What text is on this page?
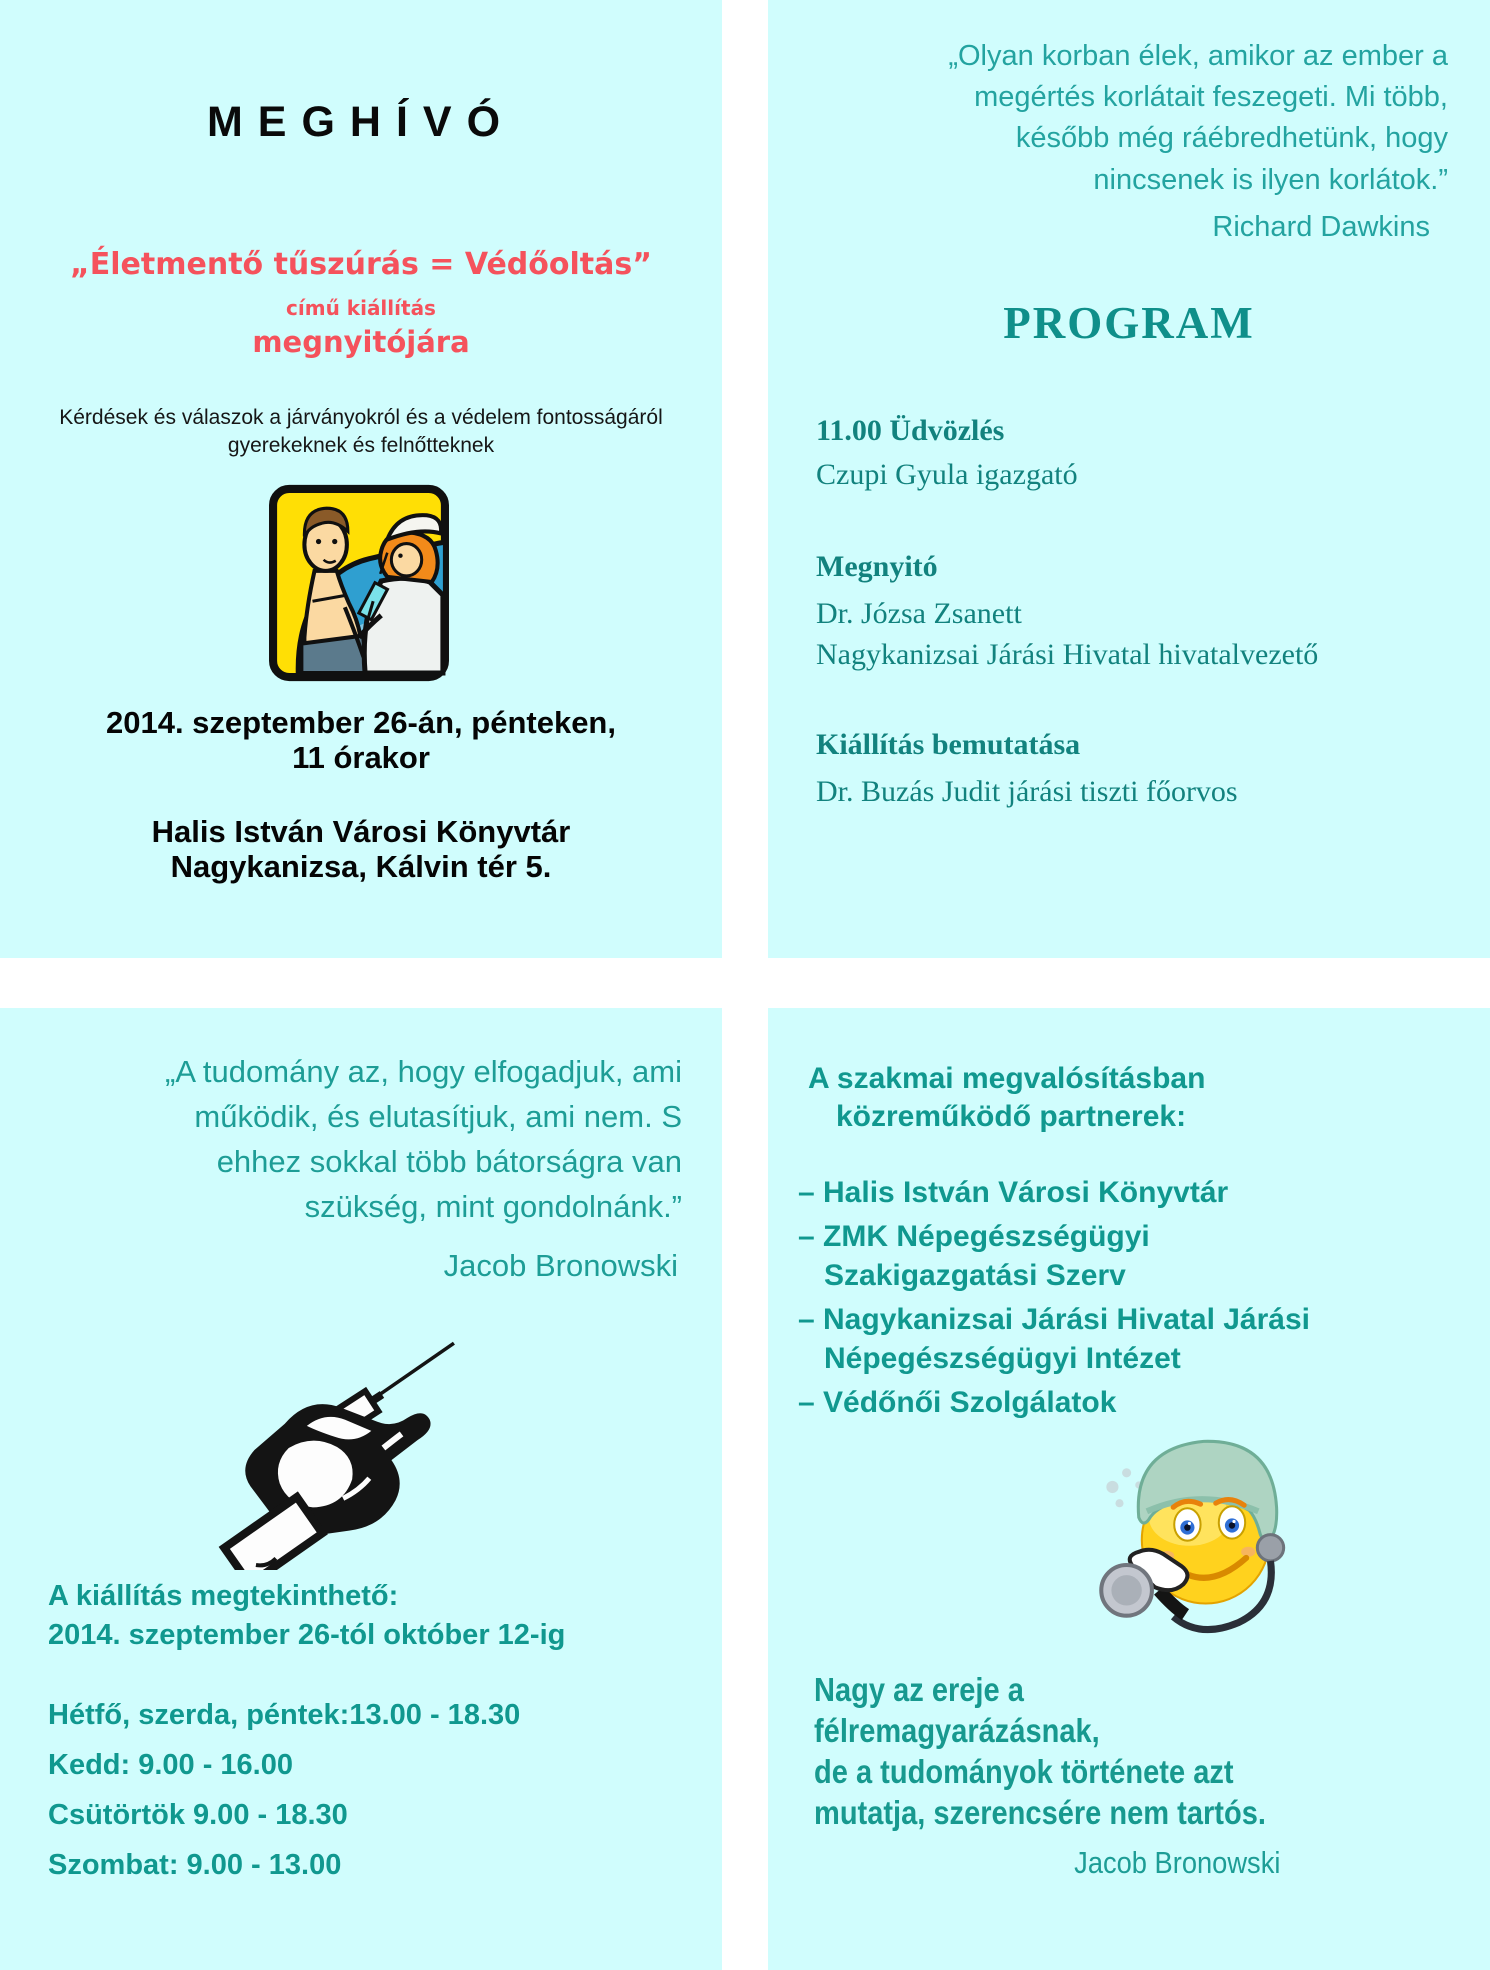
MEGHÍVÓ
„Életmentő tűszúrás = Védőoltás”
című kiállítás
megnyitójára
Kérdések és válaszok a járványokról és a védelem fontosságáról
gyerekeknek és felnőtteknek
2014. szeptember 26-án, pénteken,
11 órakor
Halis István Városi Könyvtár
Nagykanizsa, Kálvin tér 5.
„Olyan korban élek, amikor az ember a
megértés korlátait feszegeti. Mi több,
később még ráébredhetünk, hogy
nincsenek is ilyen korlátok.”
Richard Dawkins
PROGRAM
11.00 Üdvözlés
Czupi Gyula igazgató
Megnyitó
Dr. Józsa Zsanett
Nagykanizsai Járási Hivatal hivatalvezető
Kiállítás bemutatása
Dr. Buzás Judit járási tiszti főorvos
„A tudomány az, hogy elfogadjuk, ami
működik, és elutasítjuk, ami nem. S
ehhez sokkal több bátorságra van
szükség, mint gondolnánk.”
Jacob Bronowski
A kiállítás megtekinthető:
2014. szeptember 26-tól október 12-ig
Hétfő, szerda, péntek:13.00 - 18.30
Kedd: 9.00 - 16.00
Csütörtök 9.00 - 18.30
Szombat: 9.00 - 13.00
A szakmai megvalósításban
közreműködő partnerek:
– Halis István Városi Könyvtár
– ZMK Népegészségügyi
Szakigazgatási Szerv
– Nagykanizsai Járási Hivatal Járási
Népegészségügyi Intézet
– Védőnői Szolgálatok
Nagy az ereje a félremagyarázásnak,
de a tudományok története azt
mutatja, szerencsére nem tartós.
Jacob Bronowski
